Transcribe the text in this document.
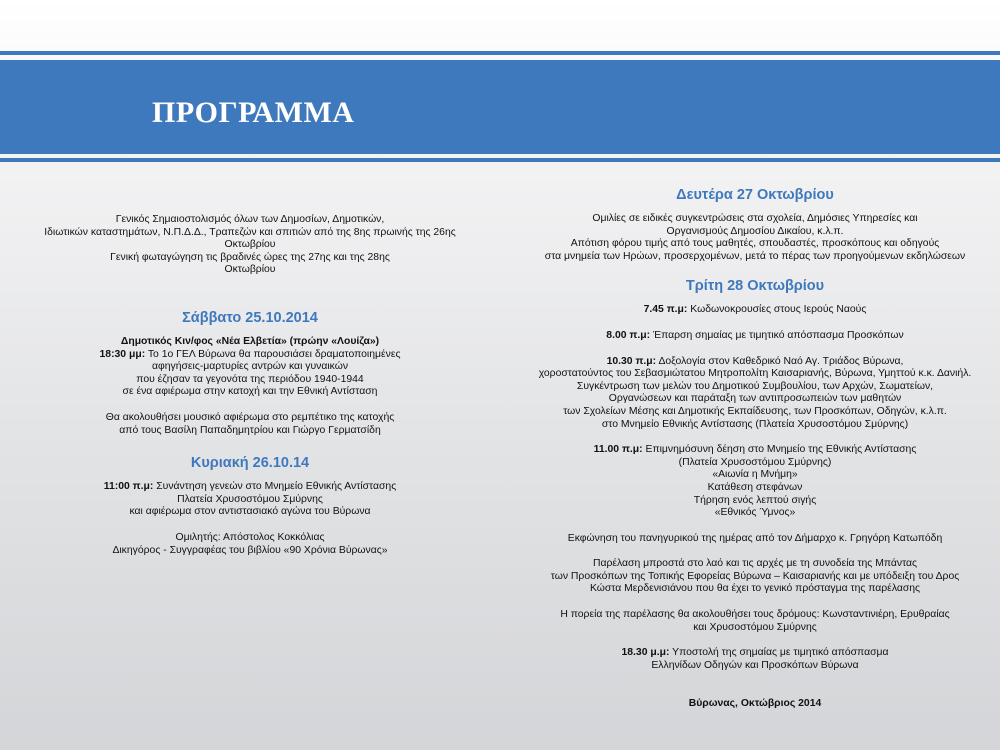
ΠΡΟΓΡΑΜΜΑ
Γενικός Σημαιοστολισμός όλων των Δημοσίων, Δημοτικών,
Ιδιωτικών καταστημάτων, Ν.Π.Δ.Δ., Τραπεζών και σπιτιών από της 8ης πρωινής της 26ης
Οκτωβρίου
Γενική φωταγώγηση τις βραδινές ώρες της 27ης και της 28ης
Οκτωβρίου
Σάββατο 25.10.2014
Δημοτικός Κιν/φος «Νέα Ελβετία» (πρώην «Λουίζα»)
18:30 μμ: Το 1ο ΓΕΛ Βύρωνα θα παρουσιάσει δραματοποιημένες
αφηγήσεις-μαρτυρίες αντρών και γυναικών
που έζησαν τα γεγονότα της περιόδου 1940-1944
σε ένα αφιέρωμα στην κατοχή και την Εθνική Αντίσταση
Θα ακολουθήσει μουσικό αφιέρωμα στο ρεμπέτικο της κατοχής
από τους Βασίλη Παπαδημητρίου και Γιώργο Γερματσίδη
Κυριακή 26.10.14
11:00 π.μ: Συνάντηση γενεών στο Μνημείο Εθνικής Αντίστασης
Πλατεία Χρυσοστόμου Σμύρνης
και αφιέρωμα στον αντιστασιακό αγώνα του Βύρωνα
Ομιλητής: Απόστολος Κοκκόλιας
Δικηγόρος - Συγγραφέας του βιβλίου «90 Χρόνια Βύρωνας»
Δευτέρα 27 Οκτωβρίου
Ομιλίες σε ειδικές συγκεντρώσεις στα σχολεία, Δημόσιες Υπηρεσίες και
Οργανισμούς Δημοσίου Δικαίου, κ.λ.π.
Απότιση φόρου τιμής από τους μαθητές, σπουδαστές, προσκόπους και οδηγούς
στα μνημεία των Ηρώων, προσερχομένων, μετά το πέρας των προηγούμενων εκδηλώσεων
Τρίτη 28 Οκτωβρίου
7.45 π.μ: Κωδωνοκρουσίες στους Ιερούς Ναούς
8.00 π.μ: Έπαρση σημαίας με τιμητικό απόσπασμα Προσκόπων
10.30 π.μ: Δοξολογία στον Καθεδρικό Ναό Αγ. Τριάδος Βύρωνα,
χοροστατούντος του Σεβασμιώτατου Μητροπολίτη Καισαριανής, Βύρωνα, Υμηττού κ.κ. Δανιήλ.
Συγκέντρωση των μελών του Δημοτικού Συμβουλίου, των Αρχών, Σωματείων,
Οργανώσεων και παράταξη των αντιπροσωπειών των μαθητών
των Σχολείων Μέσης και Δημοτικής Εκπαίδευσης, των Προσκόπων, Οδηγών, κ.λ.π.
στο Μνημείο Εθνικής Αντίστασης (Πλατεία Χρυσοστόμου Σμύρνης)
11.00 π.μ: Επιμνημόσυνη δέηση στο Μνημείο της Εθνικής Αντίστασης
(Πλατεία Χρυσοστόμου Σμύρνης)
«Αιωνία η Μνήμη»
Κατάθεση στεφάνων
Τήρηση ενός λεπτού σιγής
«Εθνικός Ύμνος»
Εκφώνηση του πανηγυρικού της ημέρας από τον Δήμαρχο κ. Γρηγόρη Κατωπόδη
Παρέλαση μπροστά στο λαό και τις αρχές με τη συνοδεία της Μπάντας
των Προσκόπων της Τοπικής Εφορείας Βύρωνα – Καισαριανής και με υπόδειξη του Δρος
Κώστα Μερδενισιάνου που θα έχει το γενικό πρόσταγμα της παρέλασης
Η πορεία της παρέλασης θα ακολουθήσει τους δρόμους: Κωνσταντινιέρη, Ερυθραίας
και Χρυσοστόμου Σμύρνης
18.30 μ.μ: Υποστολή της σημαίας με τιμητικό απόσπασμα
Ελληνίδων Οδηγών και Προσκόπων Βύρωνα
Βύρωνας, Οκτώβριος 2014
